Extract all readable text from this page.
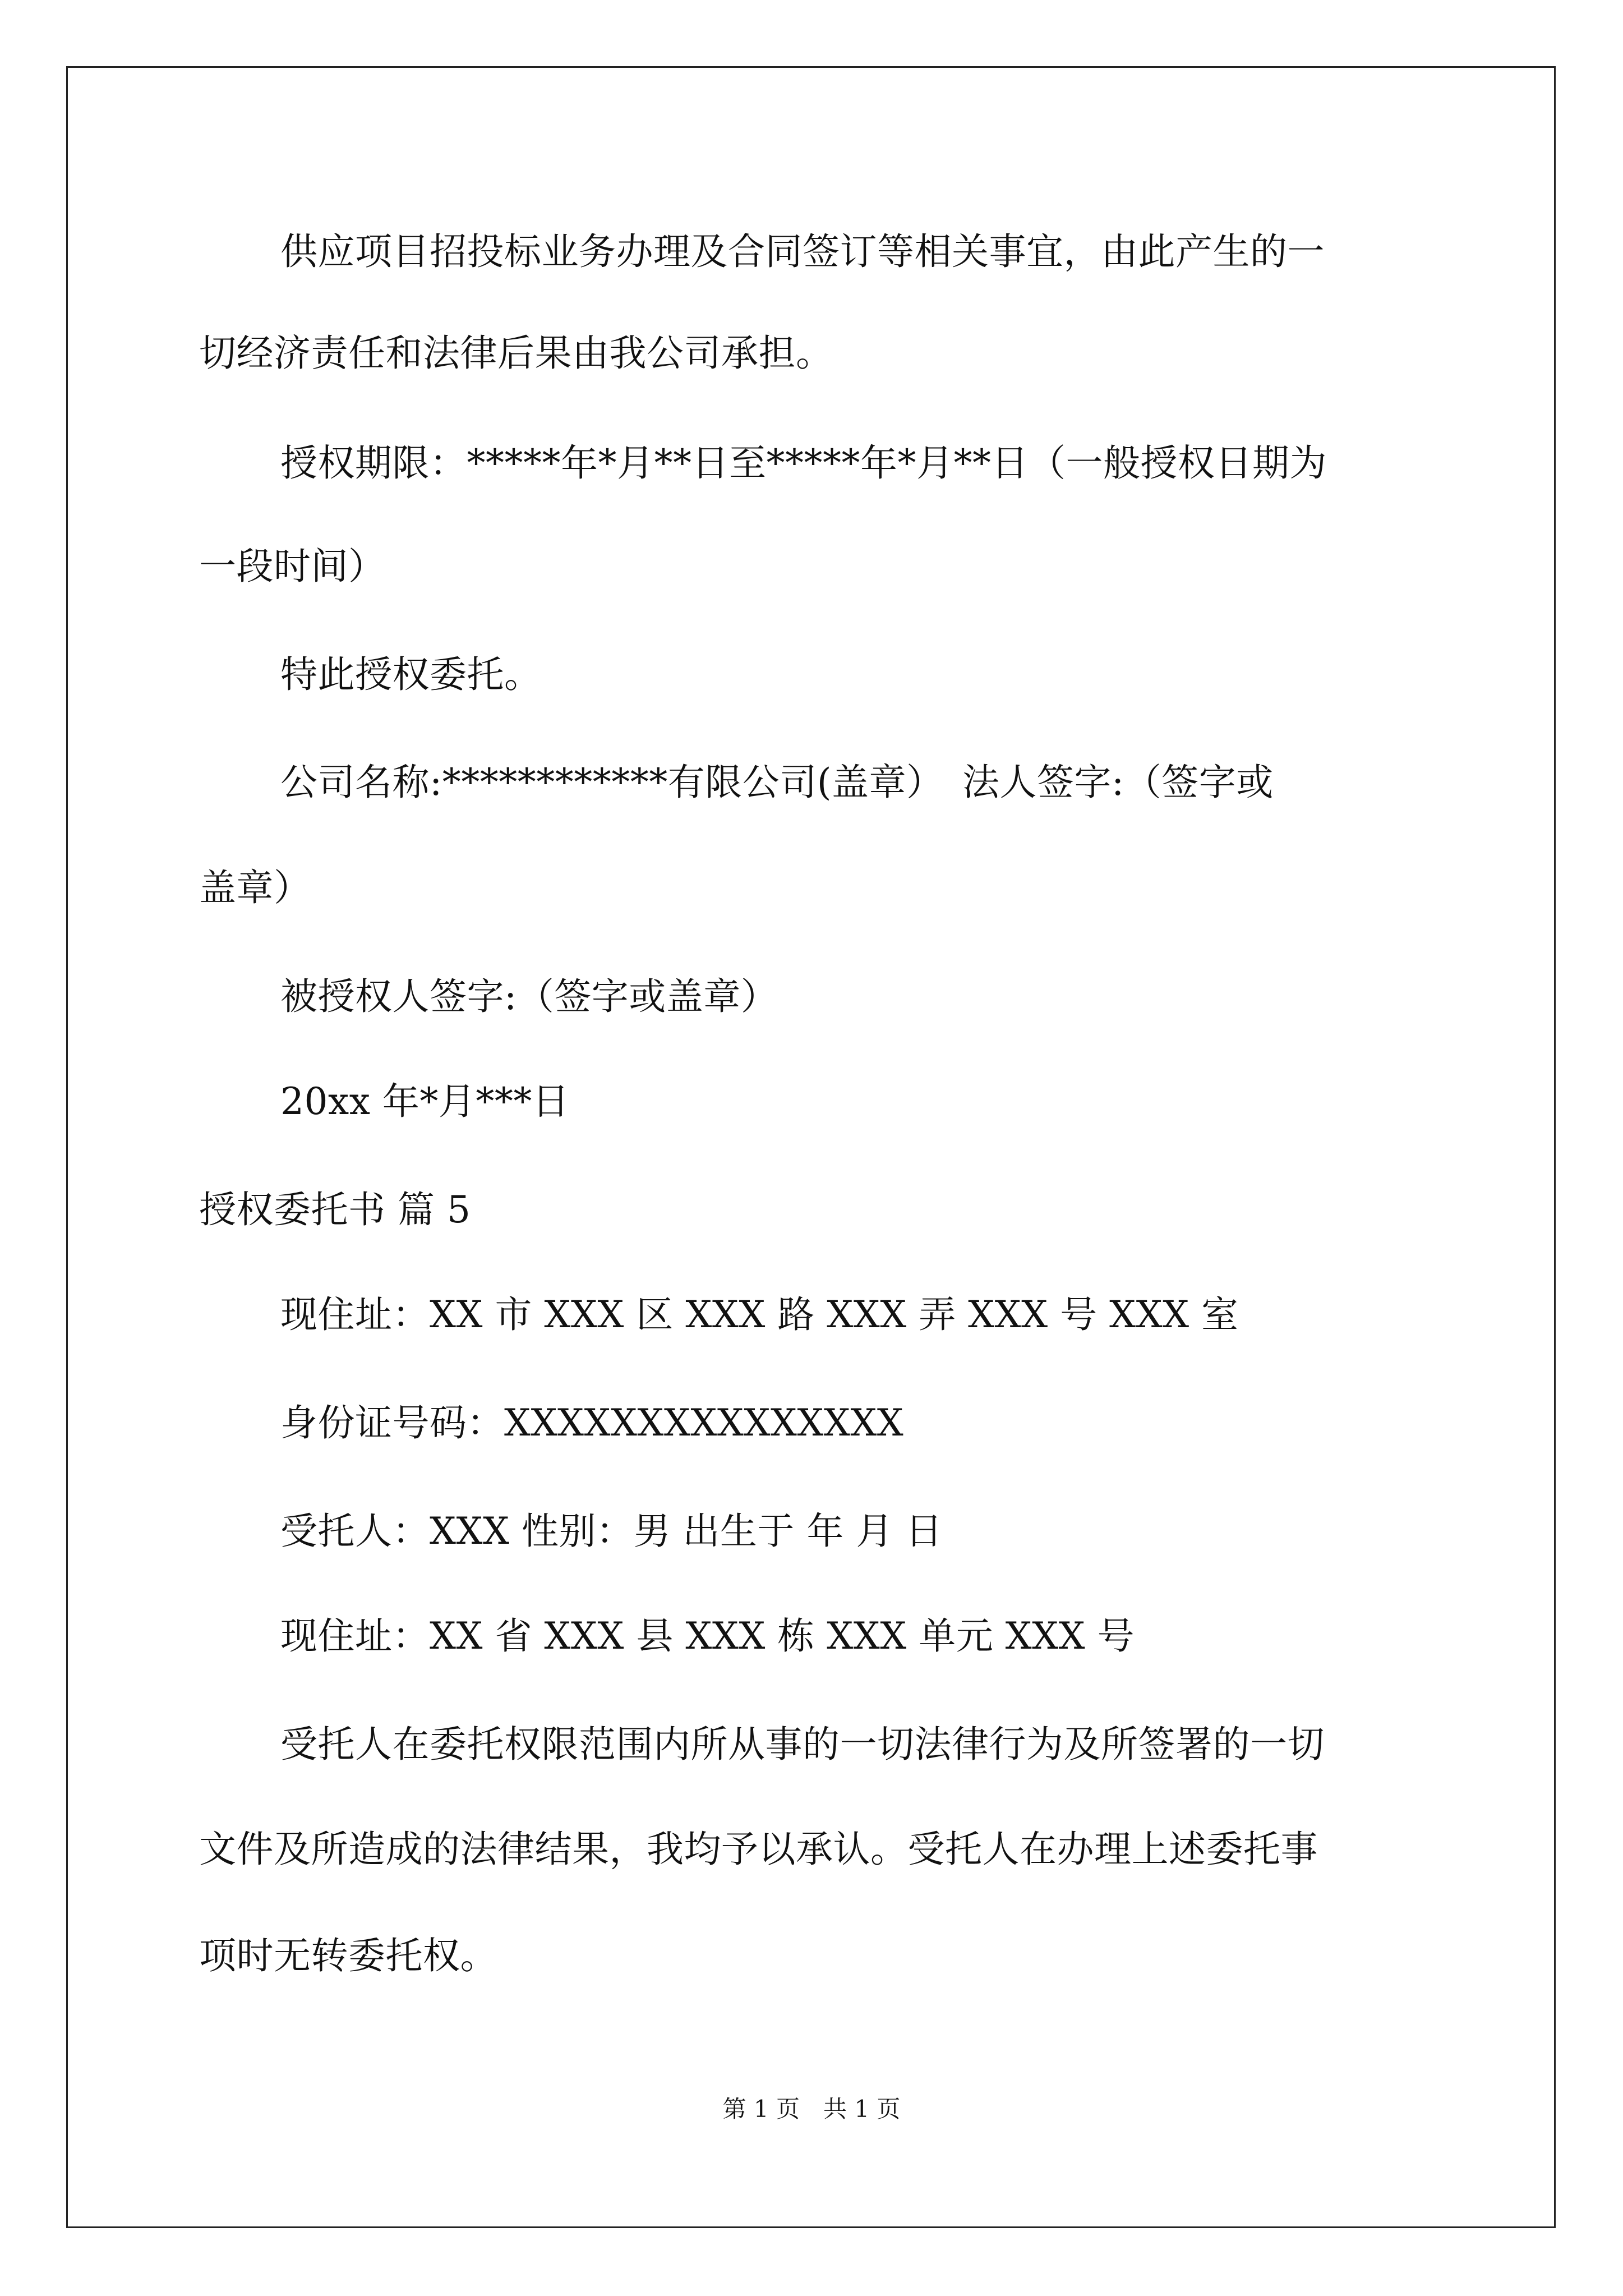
供应项目招投标业务办理及合同签订等相关事宜，由此产生的一
切经济责任和法律后果由我公司承担。
授权期限：*****年*月**日至*****年*月**日（一般授权日期为
一段时间）
特此授权委托。
公司名称:************有限公司(盖章）　法人签字:（签字或
盖章）
被授权人签字:（签字或盖章）
20xx 年*月***日
授权委托书 篇 5
现住址：XX 市 XXX 区 XXX 路 XXX 弄 XXX 号 XXX 室
身份证号码：XXXXXXXXXXXXXXX
受托人：XXX 性别：男 出生于 年 月 日
现住址：XX 省 XXX 县 XXX 栋 XXX 单元 XXX 号
受托人在委托权限范围内所从事的一切法律行为及所签署的一切
文件及所造成的法律结果，我均予以承认。受托人在办理上述委托事
项时无转委托权。
第 1 页　共 1 页
